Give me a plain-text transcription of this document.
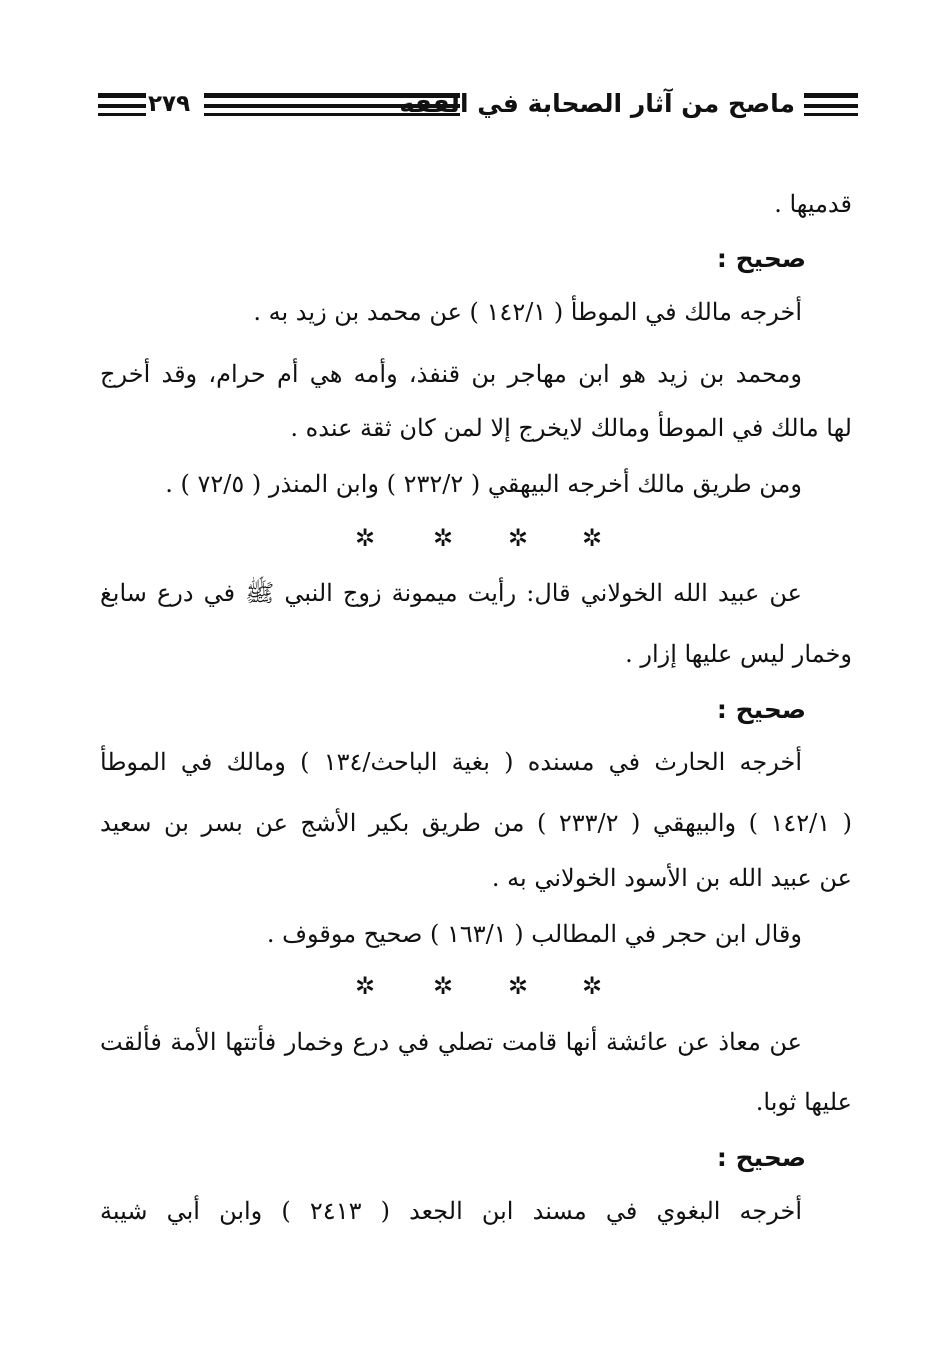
ماصح من آثار الصحابة في الفقه
٢٧٩
قدميها .
صحيح :
أخرجه مالك في الموطأ ( ١٤٢/١ ) عن محمد بن زيد به .
ومحمد بن زيد هو ابن مهاجر بن قنفذ، وأمه هي أم حرام، وقد أخرج
لها مالك في الموطأ ومالك لايخرج إلا لمن كان ثقة عنده .
ومن طريق مالك أخرجه البيهقي ( ٢٣٢/٢ ) وابن المنذر ( ٧٢/٥ ) .
✲ ✲ ✲ ✲
عن عبيد الله الخولاني قال: رأيت ميمونة زوج النبي ﷺ في درع سابغ
وخمار ليس عليها إزار .
صحيح :
أخرجه الحارث في مسنده ( بغية الباحث/١٣٤ ) ومالك في الموطأ
( ١٤٢/١ ) والبيهقي ( ٢٣٣/٢ ) من طريق بكير الأشج عن بسر بن سعيد
عن عبيد الله بن الأسود الخولاني به .
وقال ابن حجر في المطالب ( ١٦٣/١ ) صحيح موقوف .
✲ ✲ ✲ ✲
عن معاذ عن عائشة أنها قامت تصلي في درع وخمار فأتتها الأمة فألقت
عليها ثوبا.
صحيح :
أخرجه البغوي في مسند ابن الجعد ( ٢٤١٣ ) وابن أبي شيبة
